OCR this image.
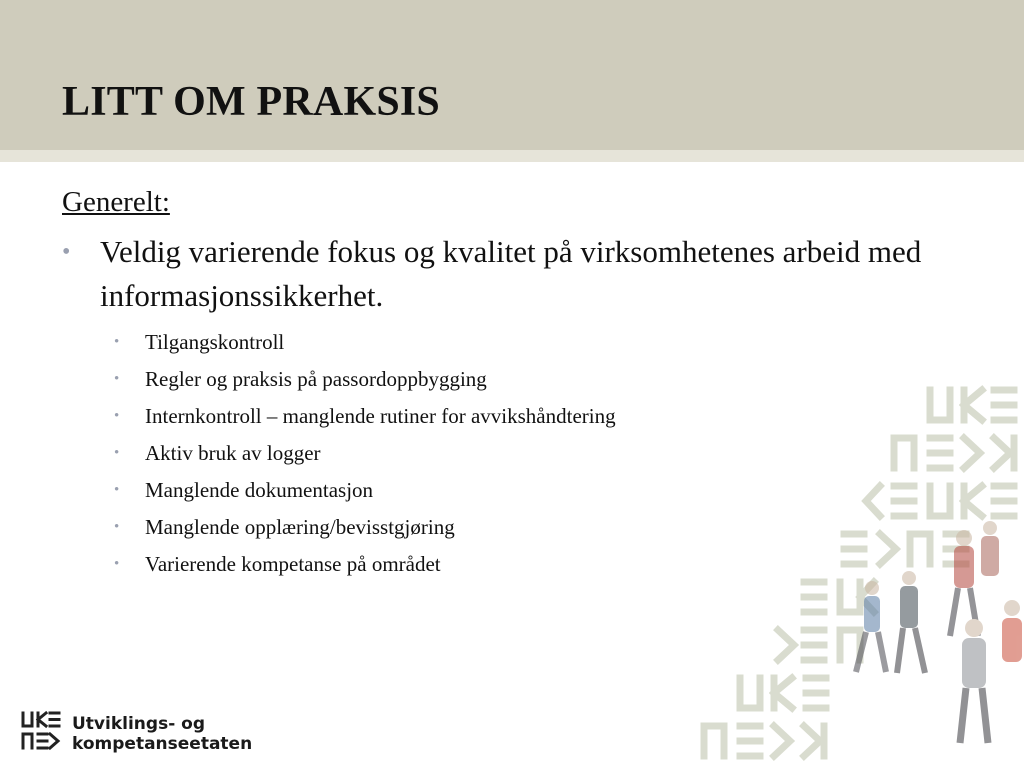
LITT OM PRAKSIS
Generelt:
• Veldig varierende fokus og kvalitet på virksomhetenes arbeid med informasjonssikkerhet.
• Tilgangskontroll
• Regler og praksis på passordoppbygging
• Internkontroll – manglende rutiner for avvikshåndtering
• Aktiv bruk av logger
• Manglende dokumentasjon
• Manglende opplæring/bevisstgjøring
• Varierende kompetanse på området
Utviklings- og
kompetanseetaten
